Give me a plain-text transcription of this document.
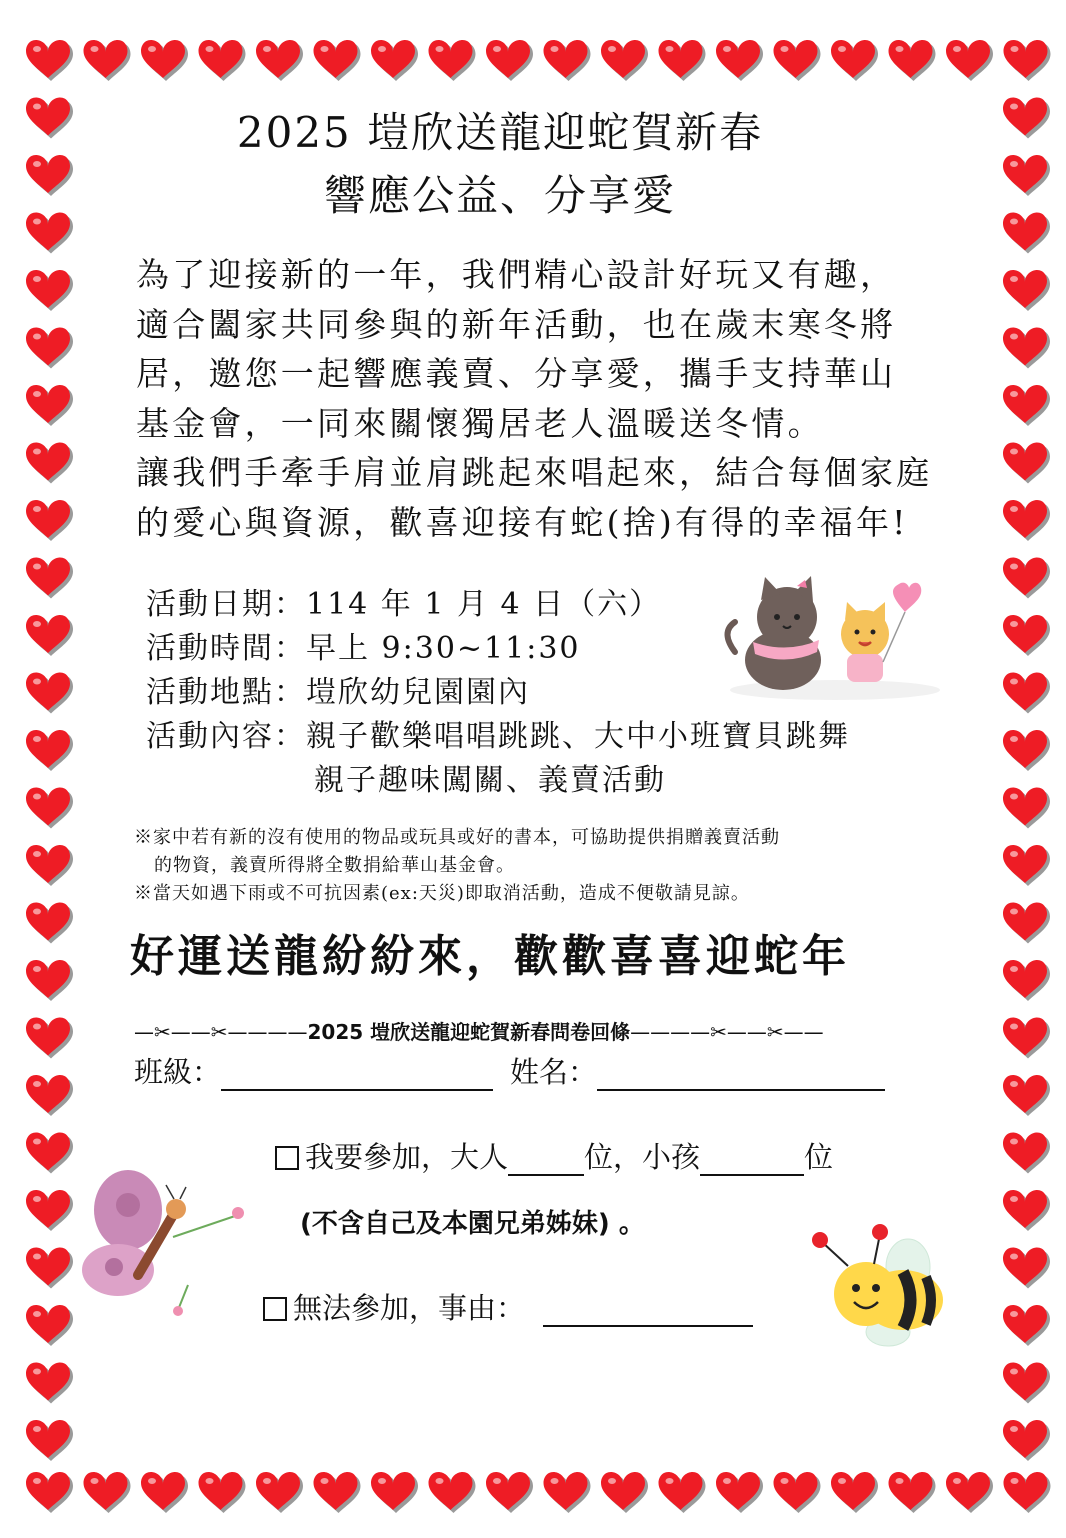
2025 塏欣送龍迎蛇賀新春
響應公益、分享愛
為了迎接新的一年，我們精心設計好玩又有趣，
適合闔家共同參與的新年活動，也在歲末寒冬將
居，邀您一起響應義賣、分享愛，攜手支持華山
基金會，一同來關懷獨居老人溫暖送冬情。
讓我們手牽手肩並肩跳起來唱起來，結合每個家庭
的愛心與資源，歡喜迎接有蛇(捨)有得的幸福年!
活動日期：114 年 1 月 4 日（六）
活動時間：早上 9:30~11:30
活動地點：塏欣幼兒園園內
活動內容：親子歡樂唱唱跳跳、大中小班寶貝跳舞
親子趣味闖關、義賣活動
※家中若有新的沒有使用的物品或玩具或好的書本，可協助提供捐贈義賣活動
的物資，義賣所得將全數捐給華山基金會。
※當天如遇下雨或不可抗因素(ex:天災)即取消活動，造成不便敬請見諒。
好運送龍紛紛來，歡歡喜喜迎蛇年
—✂——✂————2025 塏欣送龍迎蛇賀新春問卷回條————✂——✂——
班級：	姓名：
我要參加，大人	位，小孩	位
(不含自己及本園兄弟姊妹) 。
無法參加，事由：
